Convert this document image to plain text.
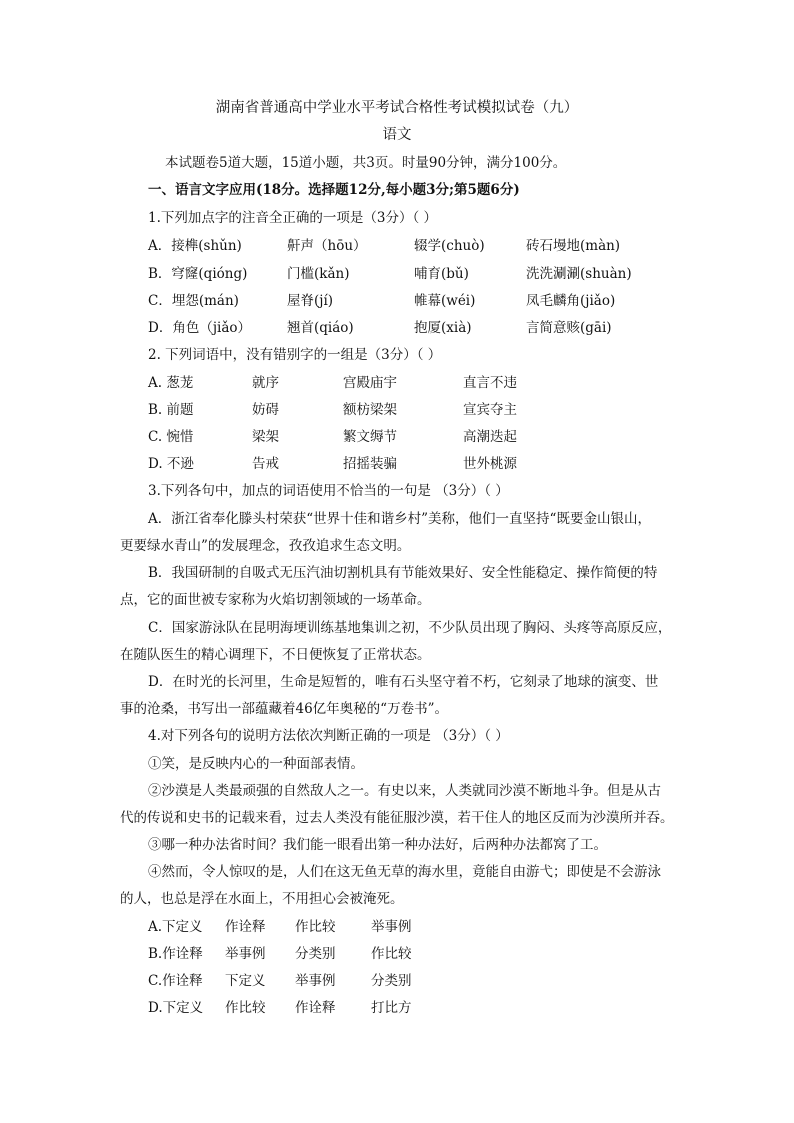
湖南省普通高中学业水平考试合格性考试模拟试卷（九）
语文
本试题卷5道大题，15道小题，共3页。时量90分钟，满分100分。
一、语言文字应用(18分。选择题12分,每小题3分;第5题6分)
1.下列加点字的注音全正确的一项是（3分）（ ）
A．接榫(shǔn)	鼾声（hōu）	辍学(chuò)	砖石墁地(màn)
B．穹窿(qióng)	门槛(kǎn)	哺育(bǔ)	洗洗涮涮(shuàn)
C．埋怨(mán)	屋脊(jí)	帷幕(wéi)	凤毛麟角(jiǎo)
D．角色（jiǎo）	翘首(qiáo)	抱厦(xià)	言简意赅(gāi)
2. 下列词语中，没有错别字的一组是（3分）（ ）
A. 葱茏	就序	宫殿庙宇	直言不违
B. 前题	妨碍	额枋梁架	宣宾夺主
C. 惋惜	梁架	繁文缛节	高潮迭起
D. 不逊	告戒	招摇装骗	世外桃源
3.下列各句中，加点的词语使用不恰当的一句是 （3分）（ ）
A．浙江省奉化滕头村荣获“世界十佳和谐乡村”美称，他们一直坚持“既要金山银山，
更要绿水青山”的发展理念，孜孜追求生态文明。
B．我国研制的自吸式无压汽油切割机具有节能效果好、安全性能稳定、操作简便的特
点，它的面世被专家称为火焰切割领域的一场革命。
C．国家游泳队在昆明海埂训练基地集训之初，不少队员出现了胸闷、头疼等高原反应，
在随队医生的精心调理下，不日便恢复了正常状态。
D．在时光的长河里，生命是短暂的，唯有石头坚守着不朽，它刻录了地球的演变、世
事的沧桑，书写出一部蕴藏着46亿年奥秘的“万卷书”。
4.对下列各句的说明方法依次判断正确的一项是 （3分）（ ）
①笑，是反映内心的一种面部表情。
②沙漠是人类最顽强的自然敌人之一。有史以来，人类就同沙漠不断地斗争。但是从古
代的传说和史书的记载来看，过去人类没有能征服沙漠，若干住人的地区反而为沙漠所并吞。
③哪一种办法省时间？我们能一眼看出第一种办法好，后两种办法都窝了工。
④然而，令人惊叹的是，人们在这无鱼无草的海水里，竟能自由游弋；即使是不会游泳
的人，也总是浮在水面上，不用担心会被淹死。
A.下定义 作诠释 作比较	举事例
B.作诠释 举事例 分类别	作比较
C.作诠释 下定义 举事例	分类别
D.下定义 作比较 作诠释	打比方
